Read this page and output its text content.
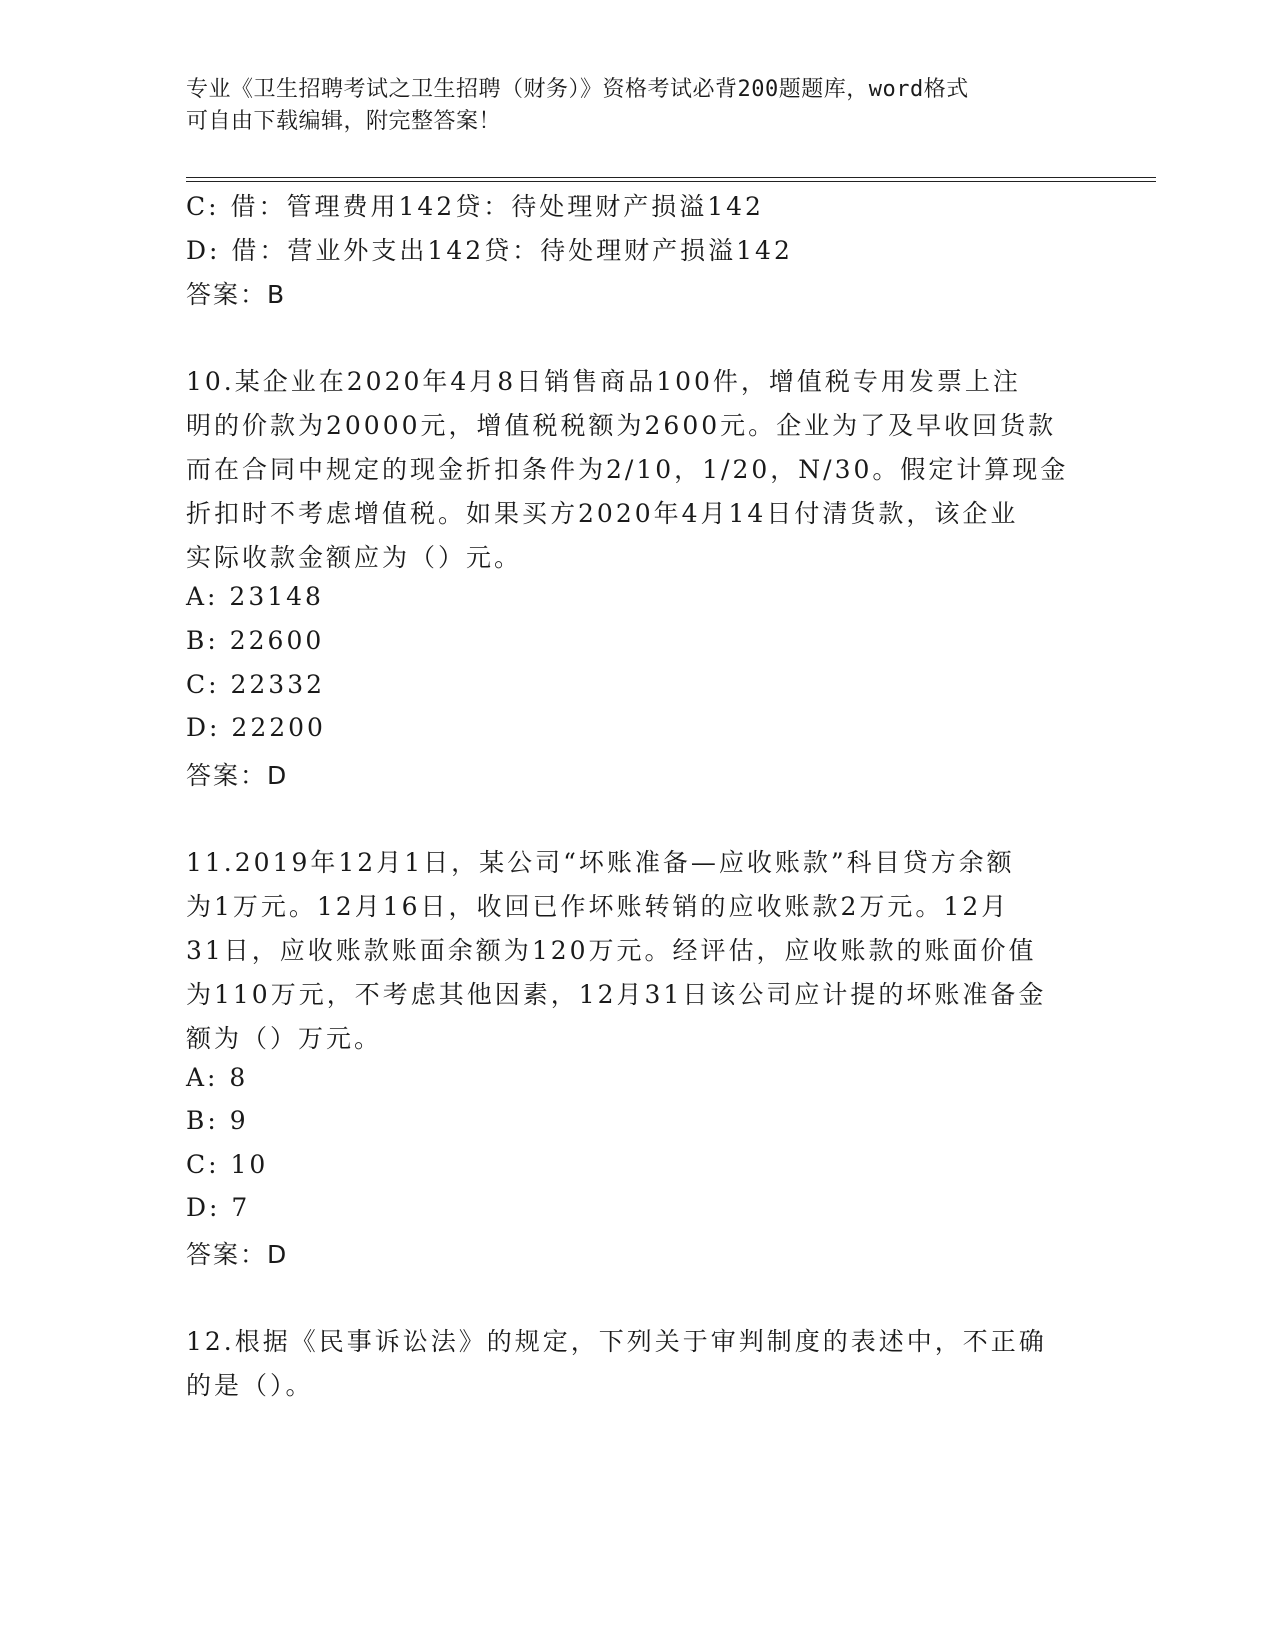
专业《卫生招聘考试之卫生招聘（财务）》资格考试必背200题题库，word格式
可自由下载编辑，附完整答案！
C: 借：管理费用142贷：待处理财产损溢142
D: 借：营业外支出142贷：待处理财产损溢142
答案：B
10.某企业在2020年4月8日销售商品100件，增值税专用发票上注
明的价款为20000元，增值税税额为2600元。企业为了及早收回货款
而在合同中规定的现金折扣条件为2/10，1/20，N/30。假定计算现金
折扣时不考虑增值税。如果买方2020年4月14日付清货款，该企业
实际收款金额应为（）元。
A: 23148
B: 22600
C: 22332
D: 22200
答案：D
11.2019年12月1日，某公司“坏账准备—应收账款”科目贷方余额
为1万元。12月16日，收回已作坏账转销的应收账款2万元。12月
31日，应收账款账面余额为120万元。经评估，应收账款的账面价值
为110万元，不考虑其他因素，12月31日该公司应计提的坏账准备金
额为（）万元。
A: 8
B: 9
C: 10
D: 7
答案：D
12.根据《民事诉讼法》的规定，下列关于审判制度的表述中，不正确
的是（）。
